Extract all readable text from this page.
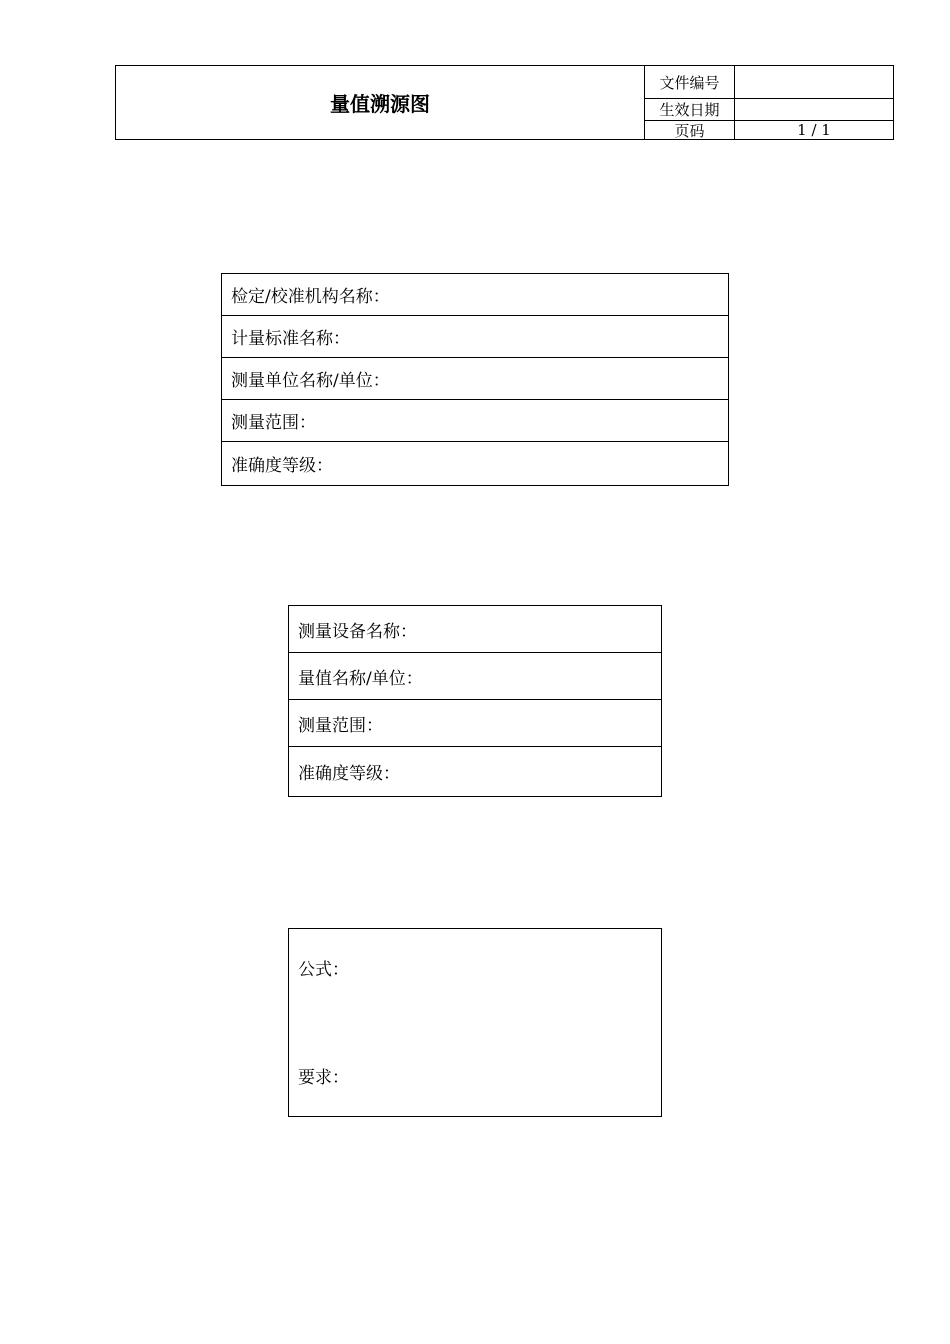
量值溯源图
文件编号
生效日期
页码	1 / 1
检定/校准机构名称：
计量标准名称：
测量单位名称/单位：
测量范围：
准确度等级：
测量设备名称：
量值名称/单位：
测量范围：
准确度等级：
公式：
要求：
